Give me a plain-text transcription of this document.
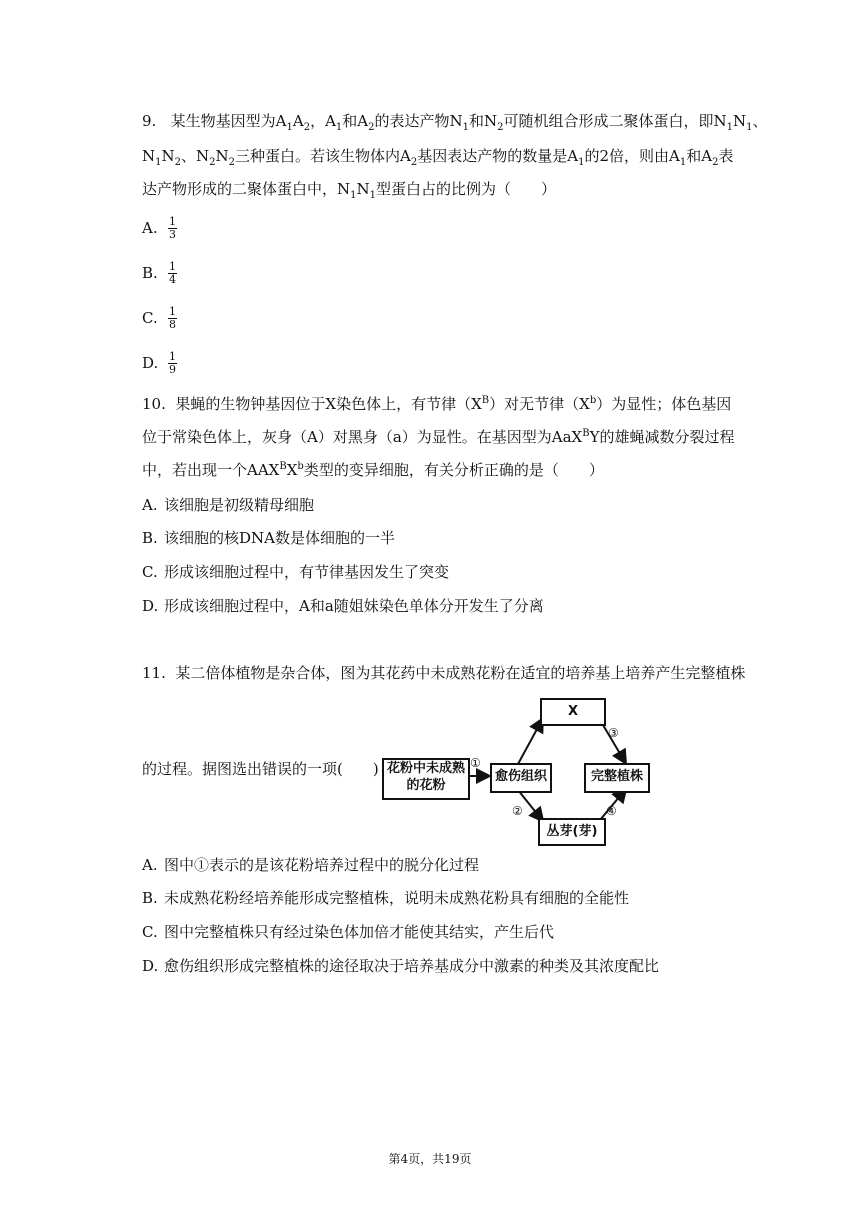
9. 某生物基因型为$A_1A_2$，$A_1$和$A_2$的表达产物$N_1$和$N_2$可随机组合形成二聚体蛋白，即$N_1N_1$、
$N_1N_2$、$N_2N_2$三种蛋白。若该生物体内$A_2$基因表达产物的数量是$A_1$的2倍，则由$A_1$和$A_2$表
达产物形成的二聚体蛋白中，$N_1N_1$型蛋白占的比例为（　　）
A. $\frac{1}{3}$
B. $\frac{1}{4}$
C. $\frac{1}{8}$
D. $\frac{1}{9}$
10. 果蝇的生物钟基因位于X染色体上，有节律$(X^B)$对无节律$(X^b)$为显性；体色基因
位于常染色体上，灰身（A）对黑身（a）为显性。在基因型为AaX$^B$Y的雄蝇减数分裂过程
中，若出现一个$AAX^BX^b$类型的变异细胞，有关分析正确的是（　　）
A. 该细胞是初级精母细胞
B. 该细胞的核DNA数是体细胞的一半
C. 形成该细胞过程中，有节律基因发生了突变
D. 形成该细胞过程中，A和a随姐妹染色单体分开发生了分离
11. 某二倍体植物是杂合体，图为其花药中未成熟花粉在适宜的培养基上培养产生完整植株
的过程。据图选出错误的一项(　　) 花粉中未成熟的花粉
①
愈伤组织
X
③
②
完整植株
④
丛芽(芽)
A. 图中①表示的是该花粉培养过程中的脱分化过程
B. 未成熟花粉经培养能形成完整植株，说明未成熟花粉具有细胞的全能性
C. 图中完整植株只有经过染色体加倍才能使其结实，产生后代
D. 愈伤组织形成完整植株的途径取决于培养基成分中激素的种类及其浓度配比
第4页，共19页
